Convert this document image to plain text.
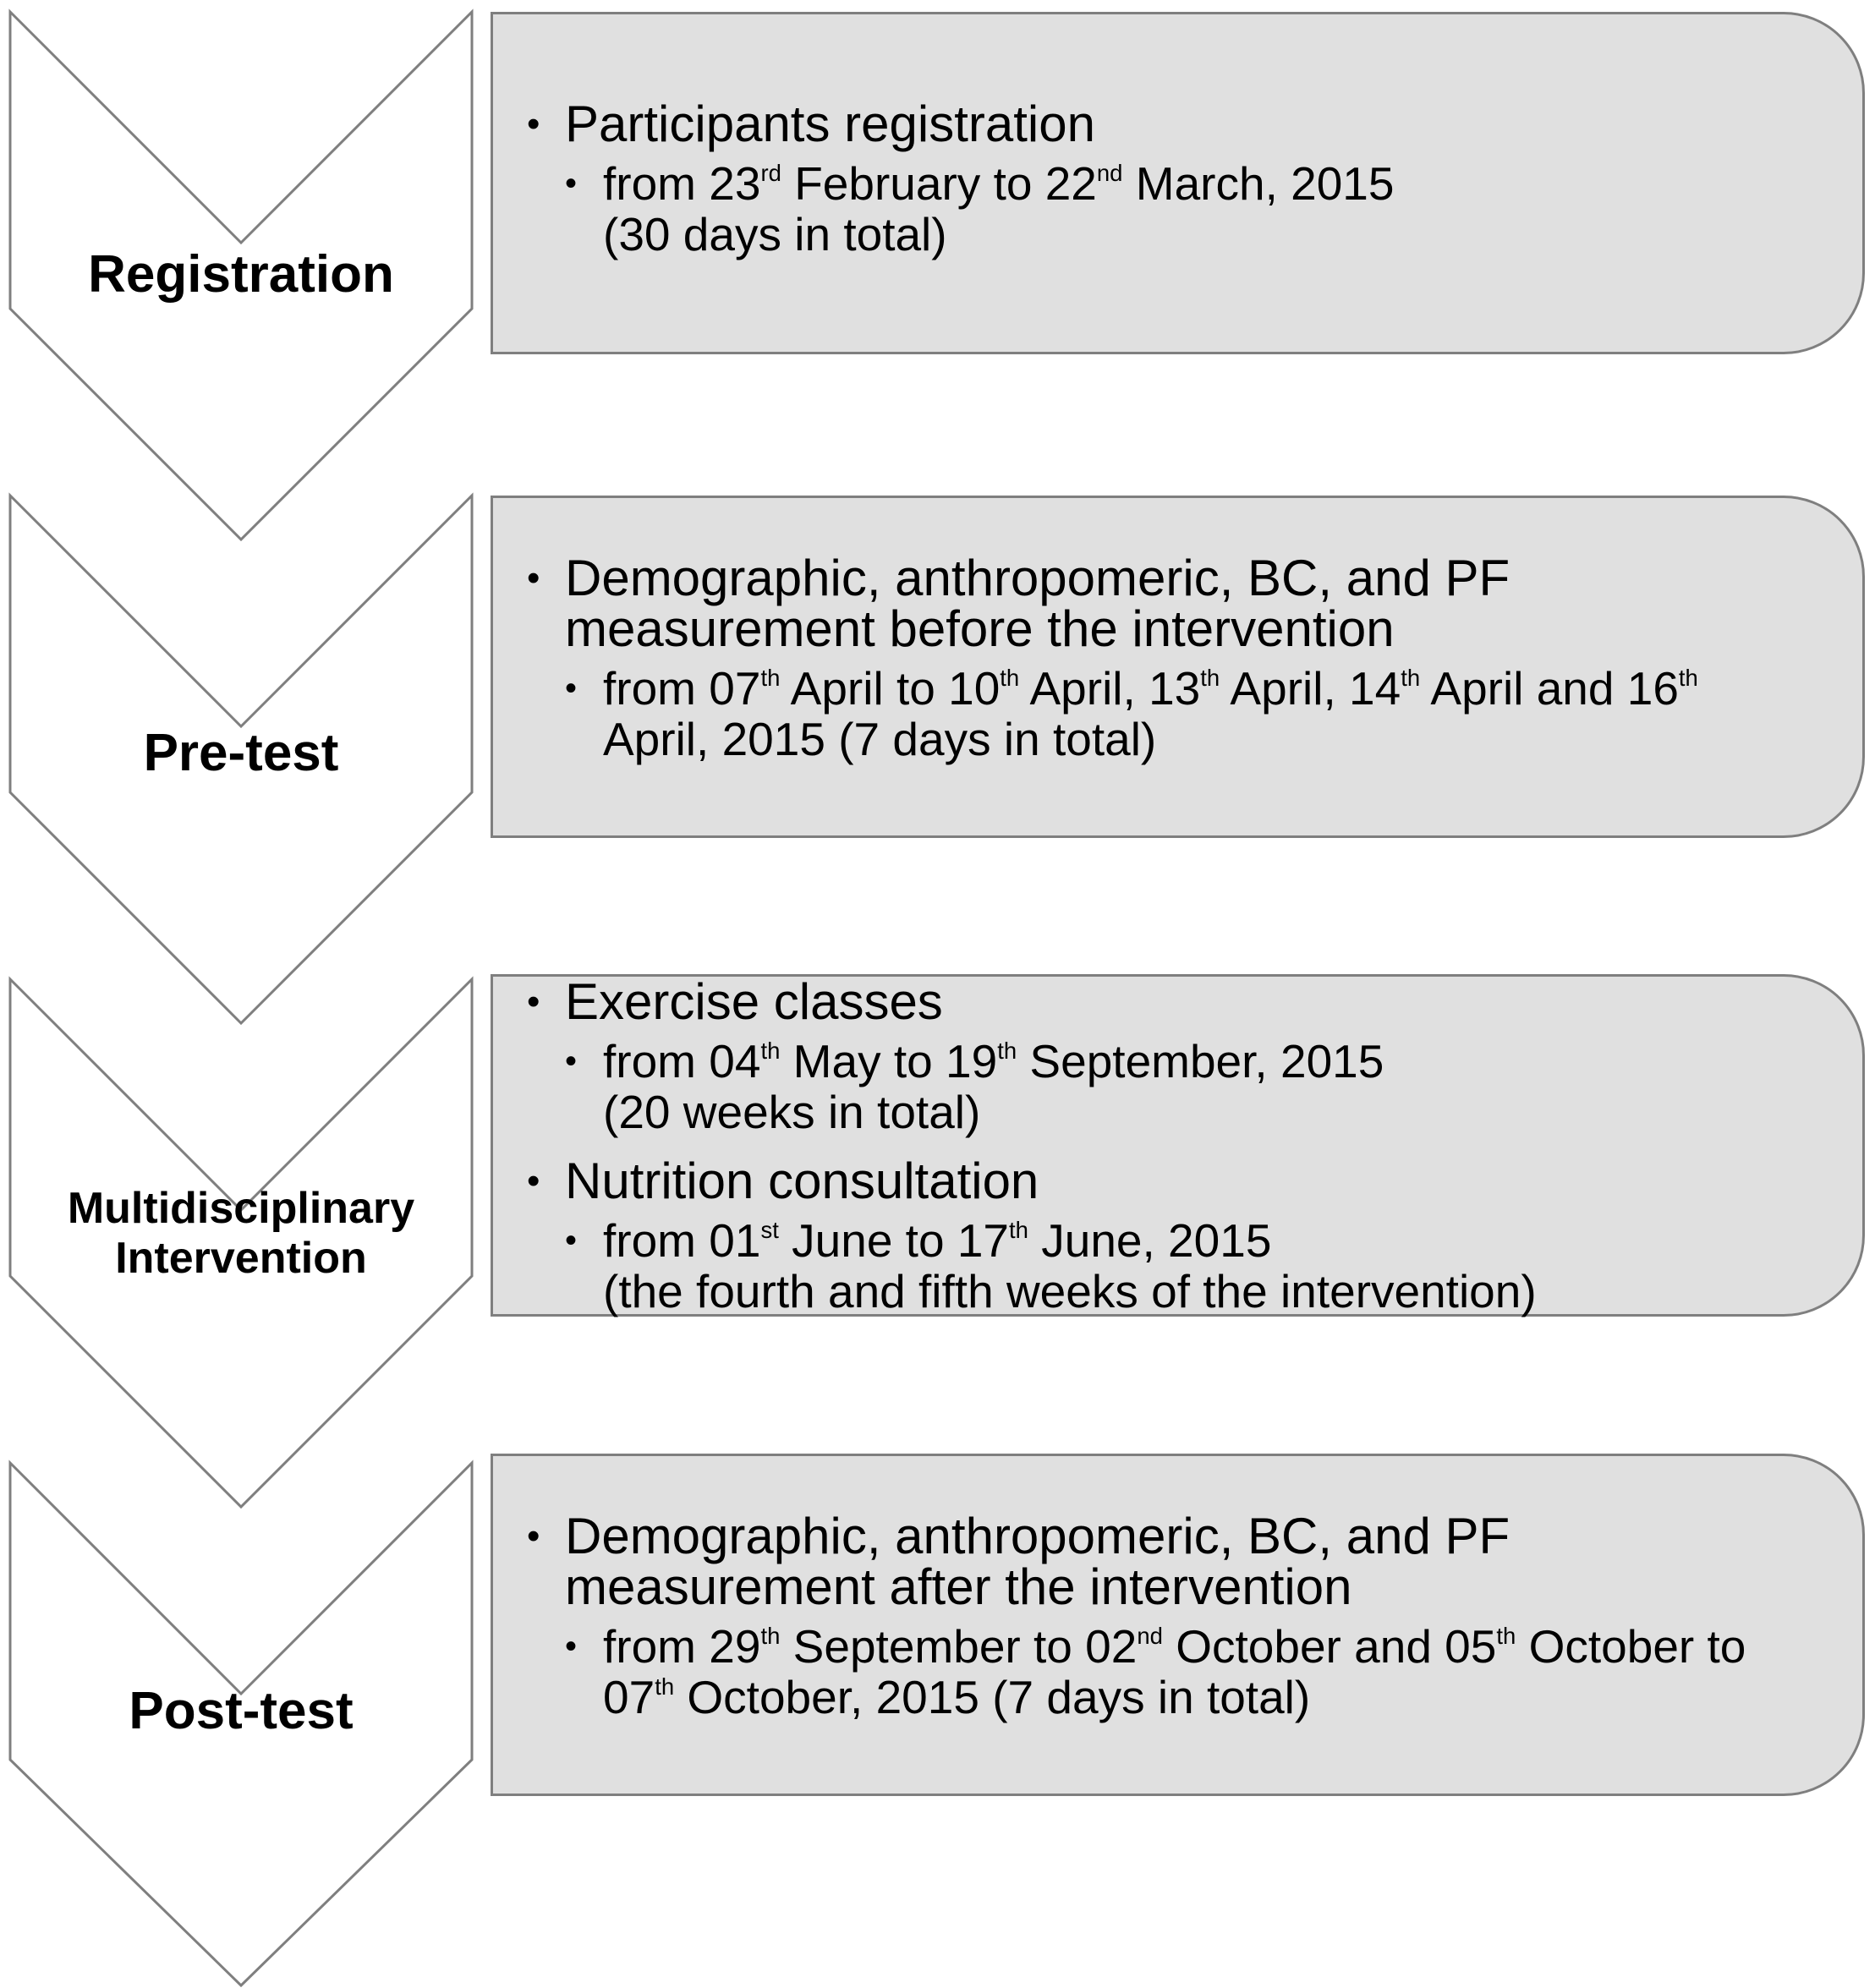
Registration
Pre-test
Multidisciplinary
Intervention
Post-test
• Participants registration
• from 23rd February to 22nd March, 2015
(30 days in total)
• Demographic, anthropomeric, BC, and PF
measurement before the intervention
• from 07th April to 10th April, 13th April, 14th April and 16th
April, 2015 (7 days in total)
• Exercise classes
• from 04th May to 19th September, 2015
(20 weeks in total)
• Nutrition consultation
• from 01st June to 17th June, 2015
(the fourth and fifth weeks of the intervention)
• Demographic, anthropomeric, BC, and PF
measurement after the intervention
• from 29th September to 02nd October and 05th October to
07th October, 2015 (7 days in total)
